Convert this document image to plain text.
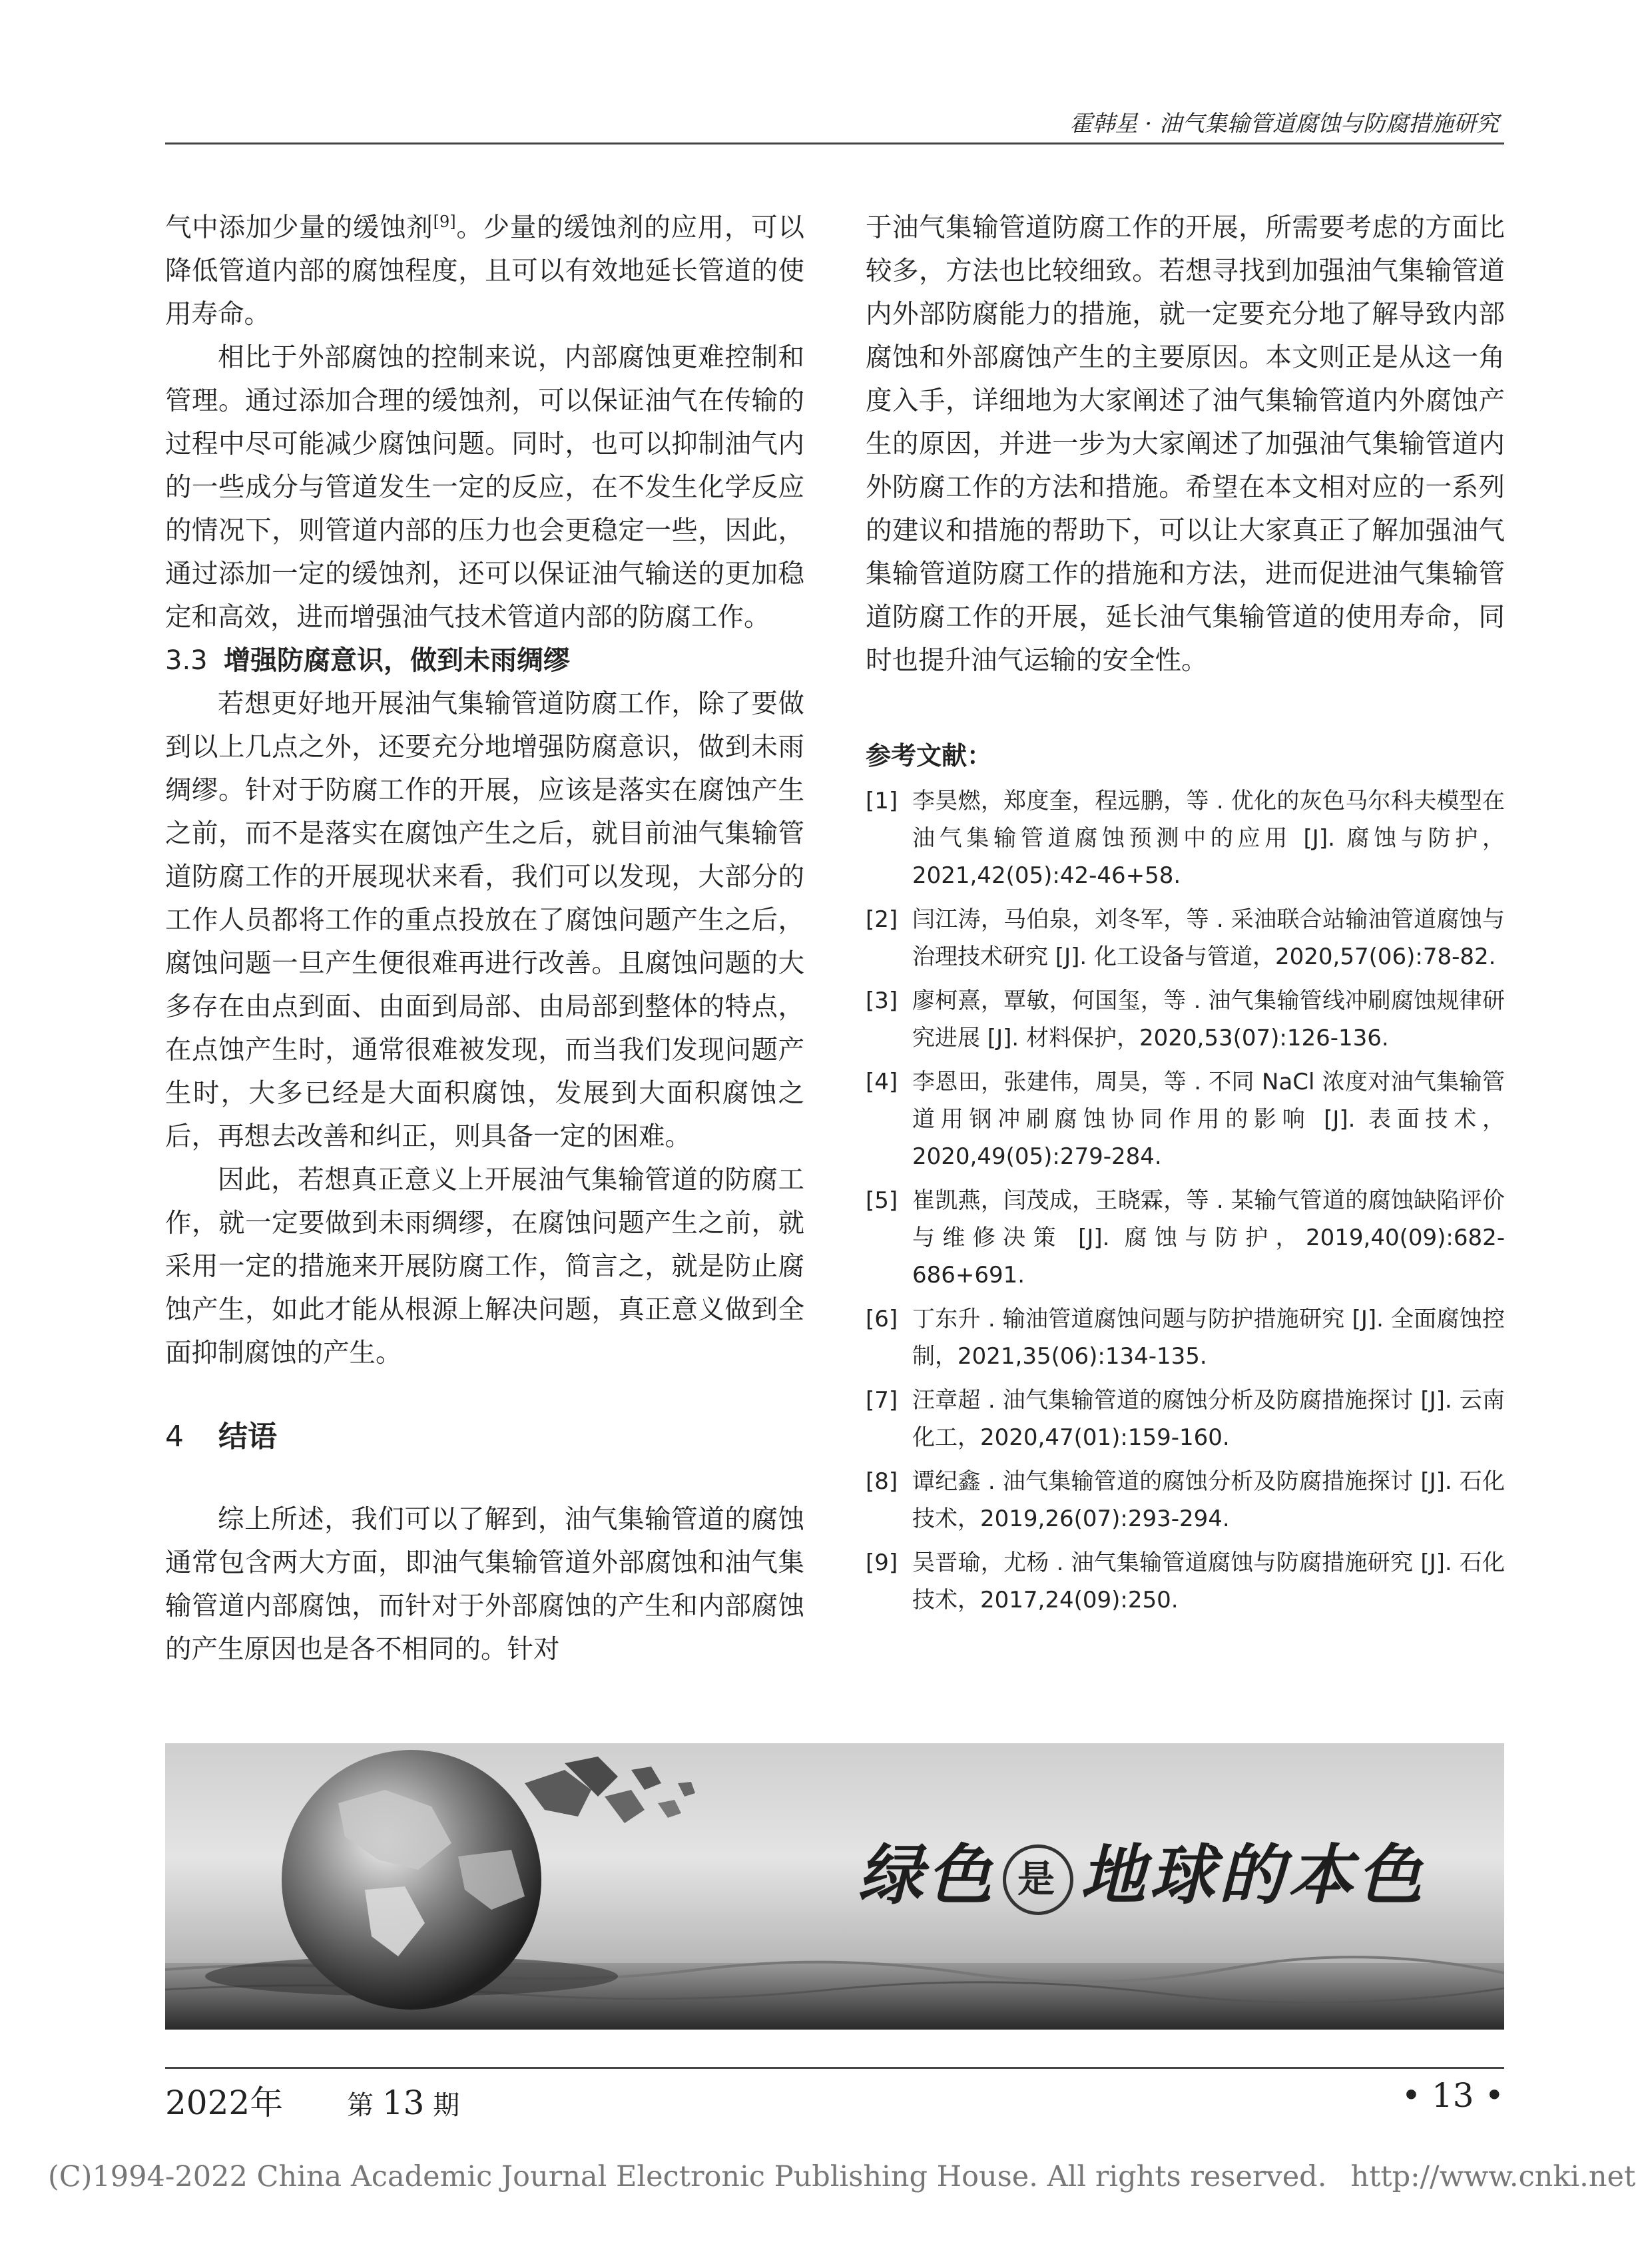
霍韩星 · 油气集输管道腐蚀与防腐措施研究

气中添加少量的缓蚀剂[9]。少量的缓蚀剂的应用，可以降低管道内部的腐蚀程度，且可以有效地延长管道的使用寿命。

相比于外部腐蚀的控制来说，内部腐蚀更难控制和管理。通过添加合理的缓蚀剂，可以保证油气在传输的过程中尽可能减少腐蚀问题。同时，也可以抑制油气内的一些成分与管道发生一定的反应，在不发生化学反应的情况下，则管道内部的压力也会更稳定一些，因此，通过添加一定的缓蚀剂，还可以保证油气输送的更加稳定和高效，进而增强油气技术管道内部的防腐工作。

3.3 增强防腐意识，做到未雨绸缪

若想更好地开展油气集输管道防腐工作，除了要做到以上几点之外，还要充分地增强防腐意识，做到未雨绸缪。针对于防腐工作的开展，应该是落实在腐蚀产生之前，而不是落实在腐蚀产生之后，就目前油气集输管道防腐工作的开展现状来看，我们可以发现，大部分的工作人员都将工作的重点投放在了腐蚀问题产生之后，腐蚀问题一旦产生便很难再进行改善。且腐蚀问题的大多存在由点到面、由面到局部、由局部到整体的特点，在点蚀产生时，通常很难被发现，而当我们发现问题产生时，大多已经是大面积腐蚀，发展到大面积腐蚀之后，再想去改善和纠正，则具备一定的困难。

因此，若想真正意义上开展油气集输管道的防腐工作，就一定要做到未雨绸缪，在腐蚀问题产生之前，就采用一定的措施来开展防腐工作，简言之，就是防止腐蚀产生，如此才能从根源上解决问题，真正意义做到全面抑制腐蚀的产生。

4 结语

综上所述，我们可以了解到，油气集输管道的腐蚀通常包含两大方面，即油气集输管道外部腐蚀和油气集输管道内部腐蚀，而针对于外部腐蚀的产生和内部腐蚀的产生原因也是各不相同的。针对

于油气集输管道防腐工作的开展，所需要考虑的方面比较多，方法也比较细致。若想寻找到加强油气集输管道内外部防腐能力的措施，就一定要充分地了解导致内部腐蚀和外部腐蚀产生的主要原因。本文则正是从这一角度入手，详细地为大家阐述了油气集输管道内外腐蚀产生的原因，并进一步为大家阐述了加强油气集输管道内外防腐工作的方法和措施。希望在本文相对应的一系列的建议和措施的帮助下，可以让大家真正了解加强油气集输管道防腐工作的措施和方法，进而促进油气集输管道防腐工作的开展，延长油气集输管道的使用寿命，同时也提升油气运输的安全性。

参考文献：
[1] 李昊燃，郑度奎，程远鹏，等 . 优化的灰色马尔科夫模型在油气集输管道腐蚀预测中的应用 [J]. 腐蚀与防护，2021,42(05):42-46+58.
[2] 闫江涛，马伯泉，刘冬军，等 . 采油联合站输油管道腐蚀与治理技术研究 [J]. 化工设备与管道，2020,57(06):78-82.
[3] 廖柯熹，覃敏，何国玺，等 . 油气集输管线冲刷腐蚀规律研究进展 [J]. 材料保护，2020,53(07):126-136.
[4] 李恩田，张建伟，周昊，等 . 不同 NaCl 浓度对油气集输管道用钢冲刷腐蚀协同作用的影响 [J]. 表面技术，2020,49(05):279-284.
[5] 崔凯燕，闫茂成，王晓霖，等 . 某输气管道的腐蚀缺陷评价与维修决策 [J]. 腐蚀与防护，2019,40(09):682-686+691.
[6] 丁东升 . 输油管道腐蚀问题与防护措施研究 [J]. 全面腐蚀控制，2021,35(06):134-135.
[7] 汪章超 . 油气集输管道的腐蚀分析及防腐措施探讨 [J]. 云南化工，2020,47(01):159-160.
[8] 谭纪鑫 . 油气集输管道的腐蚀分析及防腐措施探讨 [J]. 石化技术，2019,26(07):293-294.
[9] 吴晋瑜，尤杨 . 油气集输管道腐蚀与防腐措施研究 [J]. 石化技术，2017,24(09):250.
绿色 是 地球的本色
2022年 第 13 期	• 13 •
(C)1994-2022 China Academic Journal Electronic Publishing House. All rights reserved. http://www.cnki.net
